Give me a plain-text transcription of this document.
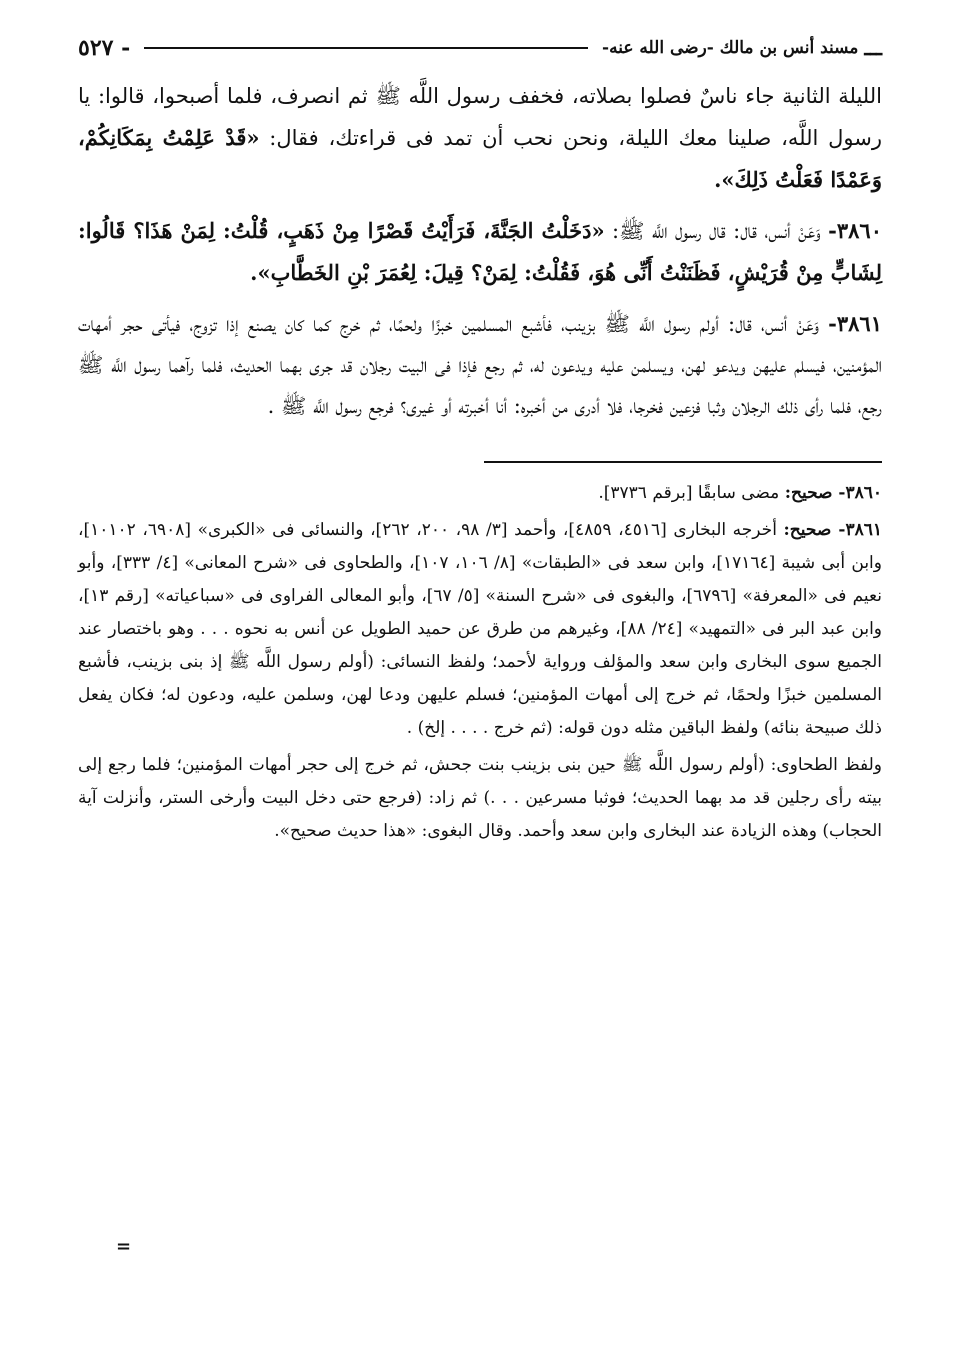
ـــ
مسند أنس بن مالك -رضى الله عنه-
- ٥٢٧

الليلة الثانية جاء ناسٌ فصلوا بصلاته، فخفف رسول اللَّه ﷺ ثم انصرف، فلما أصبحوا، قالوا: يا رسول اللَّه، صلينا معك الليلة، ونحن نحب أن تمد فى قراءتك، فقال: «قَدْ عَلِمْتُ بِمَكَانِكُمْ، وَعَمْدًا فَعَلْتُ ذَلِكَ».

٣٨٦٠- وَعَنْ أنس، قال: قال رسول اللَّه ﷺ: «دَخَلْتُ الجَنَّةَ، فَرَأَيْتُ قَصْرًا مِنْ ذَهَبٍ، قُلْتُ: لِمَنْ هَذَا؟ قَالُوا: لِشَابٍّ مِنْ قُرَيْشٍ، فَظَنَنْتُ أَنِّى هُوَ، فَقُلْتُ: لِمَنْ؟ قِيلَ: لِعُمَرَ بْنِ الخَطَّابِ».

٣٨٦١- وَعَنْ أنس، قال: أولم رسول اللَّه ﷺ بزينب، فأشبع المسلمين خبزًا ولحمًا، ثم خرج كما كان يصنع إذا تزوج، فيأتى حجر أمهات المؤمنين، فيسلم عليهن ويدعو لهن، ويسلمن عليه ويدعون له، ثم رجع فإذا فى البيت رجلان قد جرى بهما الحديث، فلما رآهما رسول اللَّه ﷺ رجع، فلما رأى ذلك الرجلان وثبا فزعين فخرجا، فلا أدرى من أخبره: أنا أخبرته أو غيرى؟ فرجع رسول اللَّه ﷺ .

٣٨٦٠- صحيح: مضى سابقًا [برقم ٣٧٣٦].

٣٨٦١- صحيح: أخرجه البخارى [٤٥١٦، ٤٨٥٩]، وأحمد [٣/ ٩٨، ٢٠٠، ٢٦٢]، والنسائى فى «الكبرى» [٦٩٠٨، ١٠١٠٢]، وابن أبى شيبة [١٧١٦٤]، وابن سعد فى «الطبقات» [٨/ ١٠٦، ١٠٧]، والطحاوى فى «شرح المعانى» [٤/ ٣٣٣]، وأبو نعيم فى «المعرفة» [٦٧٩٦]، والبغوى فى «شرح السنة» [٥/ ٦٧]، وأبو المعالى الفراوى فى «سباعياته» [رقم ١٣]، وابن عبد البر فى «التمهيد» [٢٤/ ٨٨]، وغيرهم من طرق عن حميد الطويل عن أنس به نحوه . . . وهو باختصار عند الجميع سوى البخارى وابن سعد والمؤلف ورواية لأحمد؛ ولفظ النسائى: (أولم رسول اللَّه ﷺ إذ بنى بزينب، فأشبع المسلمين خبزًا ولحمًا، ثم خرج إلى أمهات المؤمنين؛ فسلم عليهن ودعا لهن، وسلمن عليه، ودعون له؛ فكان يفعل ذلك صبيحة بنائه) ولفظ الباقين مثله دون قوله: (ثم خرج . . . . إلخ) .

ولفظ الطحاوى: (أولم رسول اللَّه ﷺ حين بنى بزينب بنت جحش، ثم خرج إلى حجر أمهات المؤمنين؛ فلما رجع إلى بيته رأى رجلين قد مد بهما الحديث؛ فوثبا مسرعين . . .) ثم زاد: (فرجع حتى دخل البيت وأرخى الستر، وأنزلت آية الحجاب) وهذه الزيادة عند البخارى وابن سعد وأحمد. وقال البغوى: «هذا حديث صحيح».

=
